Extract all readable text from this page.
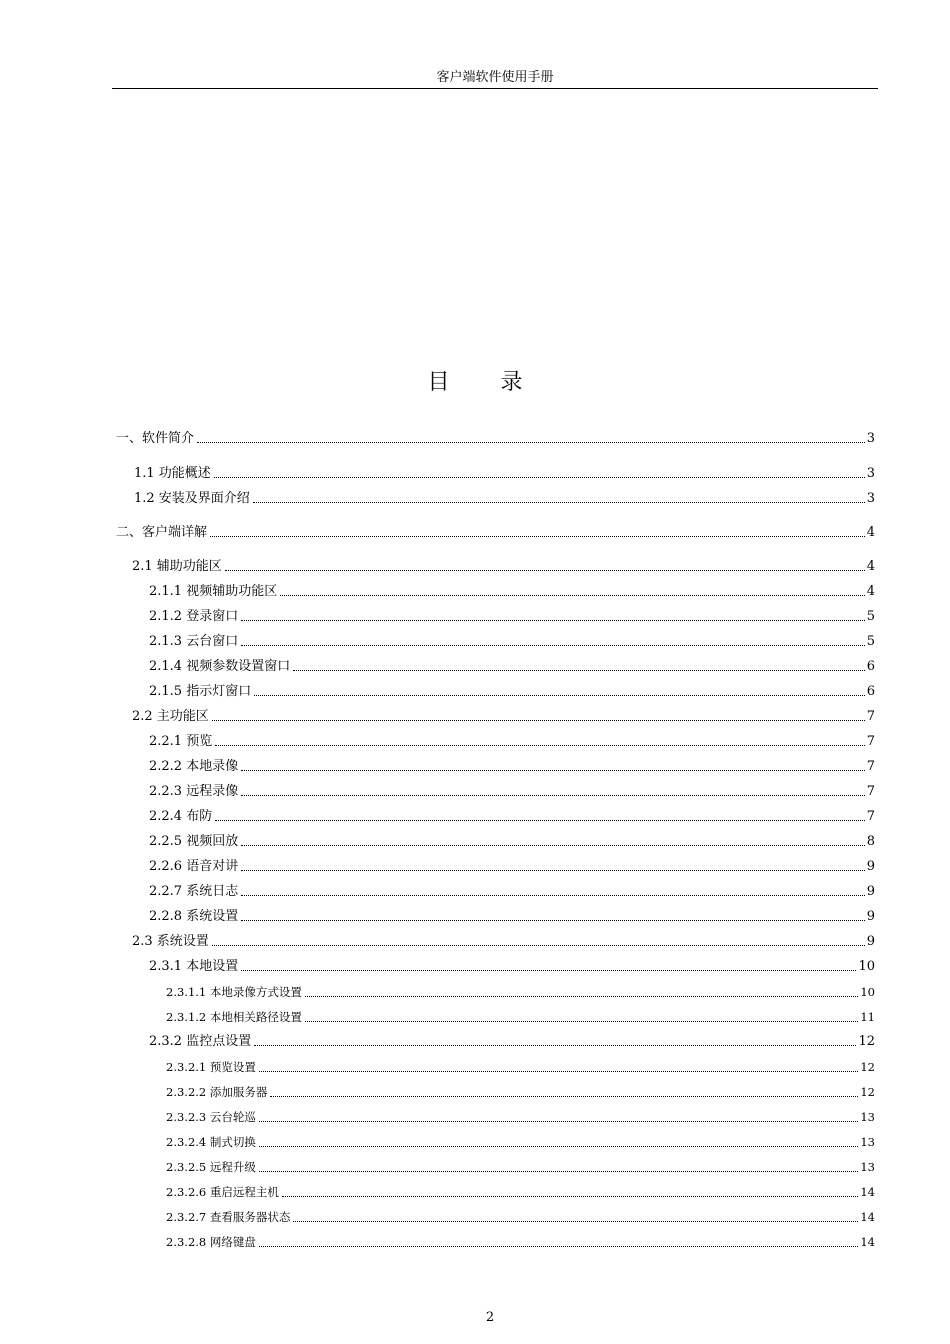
客户端软件使用手册
目 录
一、软件简介	3
1.1 功能概述	3
1.2 安装及界面介绍	3
二、客户端详解	4
2.1 辅助功能区	4
2.1.1 视频辅助功能区	4
2.1.2 登录窗口	5
2.1.3 云台窗口	5
2.1.4 视频参数设置窗口	6
2.1.5 指示灯窗口	6
2.2 主功能区	7
2.2.1 预览	7
2.2.2 本地录像	7
2.2.3 远程录像	7
2.2.4 布防	7
2.2.5 视频回放	8
2.2.6 语音对讲	9
2.2.7 系统日志	9
2.2.8 系统设置	9
2.3 系统设置	9
2.3.1 本地设置	10
2.3.1.1 本地录像方式设置	10
2.3.1.2 本地相关路径设置	11
2.3.2 监控点设置	12
2.3.2.1 预览设置	12
2.3.2.2 添加服务器	12
2.3.2.3 云台轮巡	13
2.3.2.4 制式切换	13
2.3.2.5 远程升级	13
2.3.2.6 重启远程主机	14
2.3.2.7 查看服务器状态	14
2.3.2.8 网络键盘	14
2
